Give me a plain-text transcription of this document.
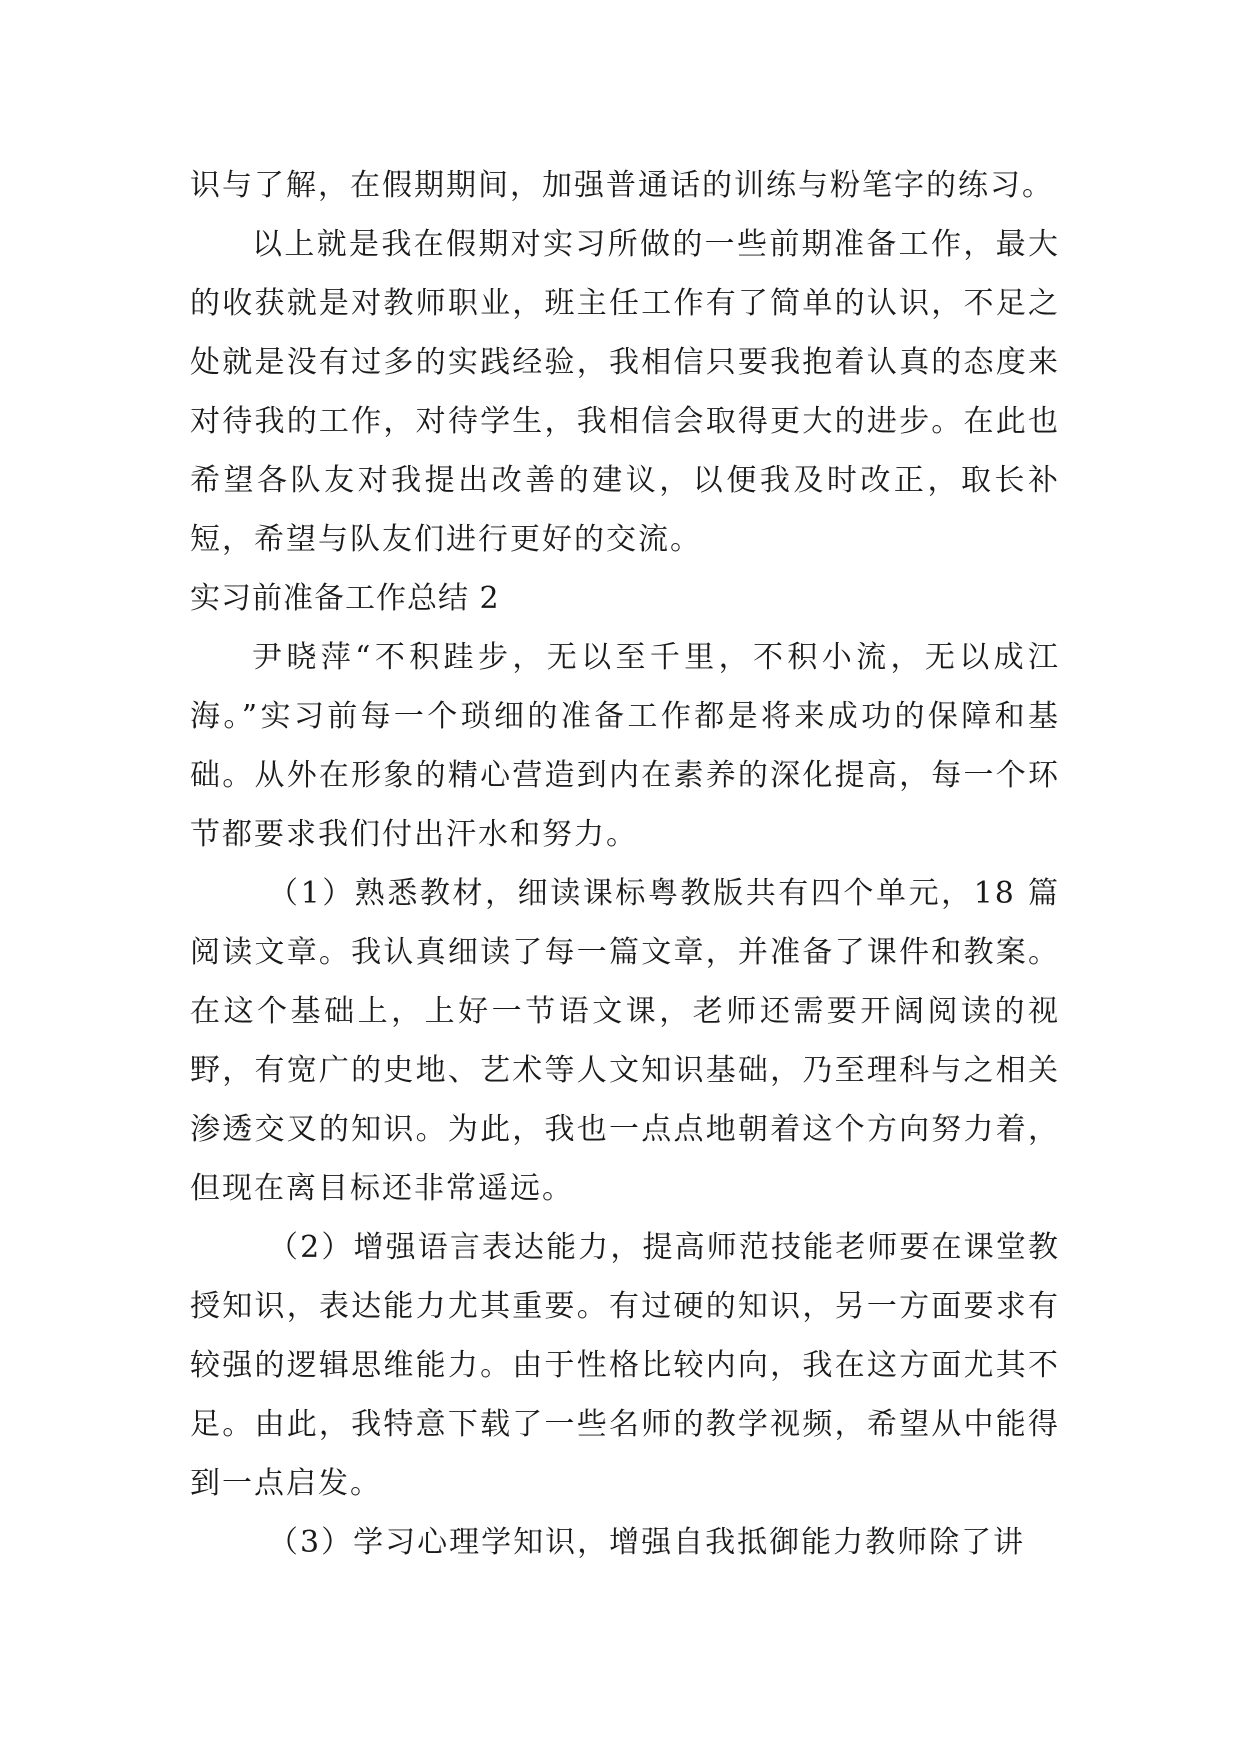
识与了解，在假期期间，加强普通话的训练与粉笔字的练习。

以上就是我在假期对实习所做的一些前期准备工作，最大的收获就是对教师职业，班主任工作有了简单的认识，不足之处就是没有过多的实践经验，我相信只要我抱着认真的态度来对待我的工作，对待学生，我相信会取得更大的进步。在此也希望各队友对我提出改善的建议，以便我及时改正，取长补短，希望与队友们进行更好的交流。

实习前准备工作总结 2

尹晓萍“不积跬步，无以至千里，不积小流，无以成江海。”实习前每一个琐细的准备工作都是将来成功的保障和基础。从外在形象的精心营造到内在素养的深化提高，每一个环节都要求我们付出汗水和努力。

（1）熟悉教材，细读课标粤教版共有四个单元，18 篇阅读文章。我认真细读了每一篇文章，并准备了课件和教案。在这个基础上，上好一节语文课，老师还需要开阔阅读的视野，有宽广的史地、艺术等人文知识基础，乃至理科与之相关渗透交叉的知识。为此，我也一点点地朝着这个方向努力着，但现在离目标还非常遥远。

（2）增强语言表达能力，提高师范技能老师要在课堂教授知识，表达能力尤其重要。有过硬的知识，另一方面要求有较强的逻辑思维能力。由于性格比较内向，我在这方面尤其不足。由此，我特意下载了一些名师的教学视频，希望从中能得到一点启发。

（3）学习心理学知识，增强自我抵御能力教师除了讲
